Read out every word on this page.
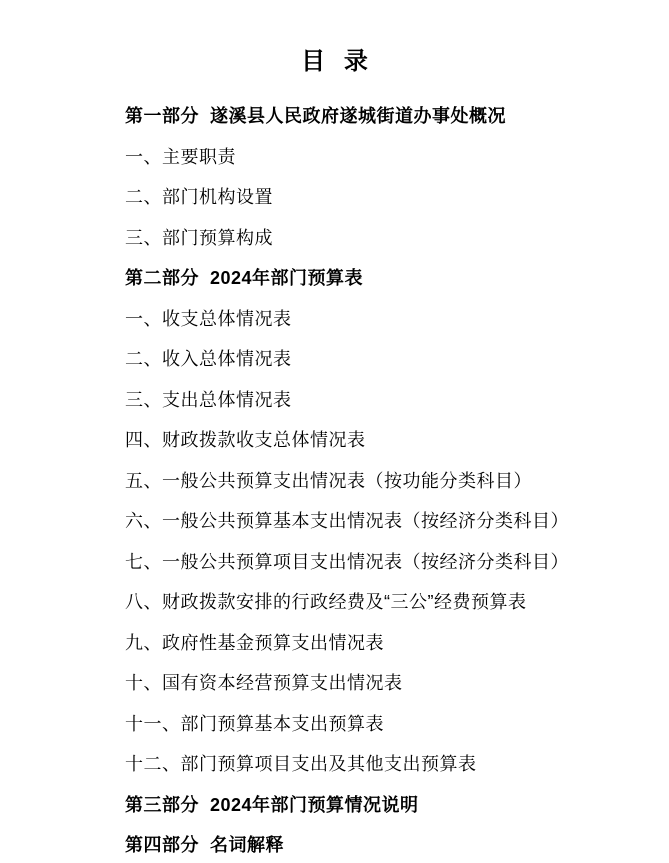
目 录
第一部分  遂溪县人民政府遂城街道办事处概况
一、主要职责
二、部门机构设置
三、部门预算构成
第二部分  2024年部门预算表
一、收支总体情况表
二、收入总体情况表
三、支出总体情况表
四、财政拨款收支总体情况表
五、一般公共预算支出情况表（按功能分类科目）
六、一般公共预算基本支出情况表（按经济分类科目）
七、一般公共预算项目支出情况表（按经济分类科目）
八、财政拨款安排的行政经费及“三公”经费预算表
九、政府性基金预算支出情况表
十、国有资本经营预算支出情况表
十一、部门预算基本支出预算表
十二、部门预算项目支出及其他支出预算表
第三部分  2024年部门预算情况说明
第四部分  名词解释
